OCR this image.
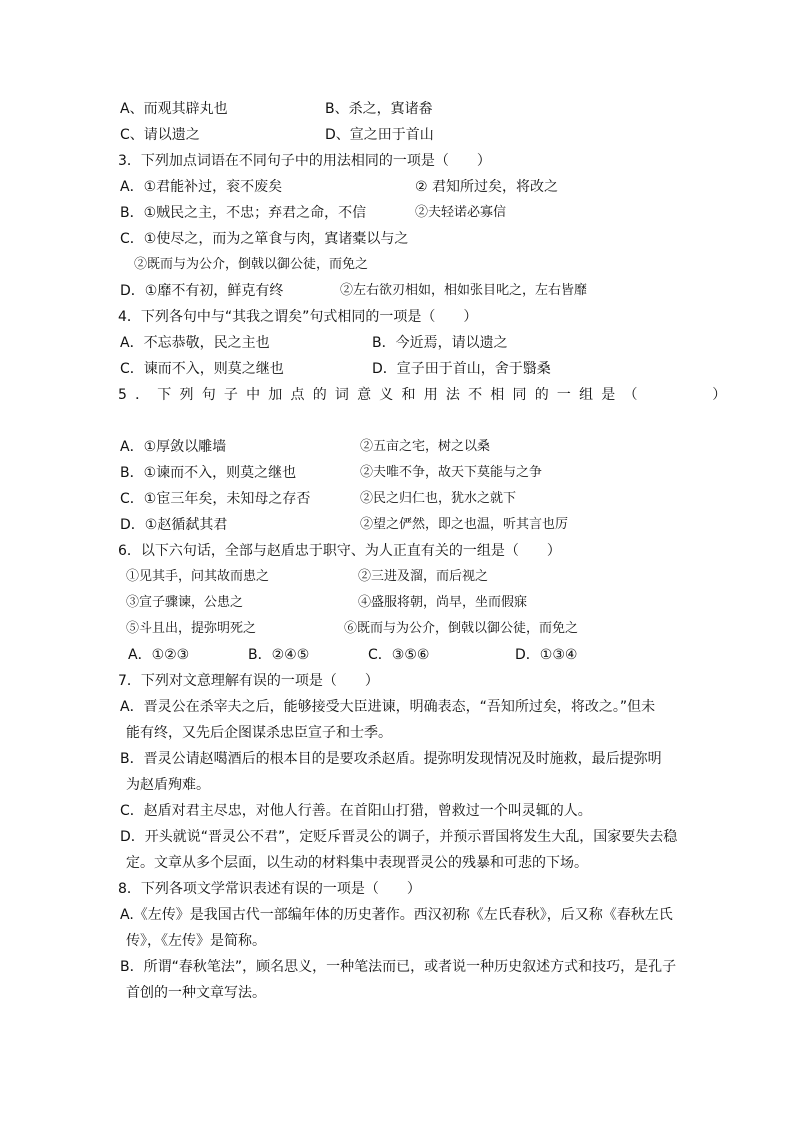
A、而观其辟丸也	B、杀之，寘诸畚
C、请以遗之	D、宣之田于首山
3．下列加点词语在不同句子中的用法相同的一项是（　　）
A．①君能补过，衮不废矣	② 君知所过矣，将改之
B．①贼民之主，不忠；弃君之命，不信	②夫轻诺必寡信
C．①使尽之，而为之箪食与肉，寘诸橐以与之
②既而与为公介，倒戟以御公徒，而免之
D．①靡不有初，鲜克有终	②左右欲刃相如，相如张目叱之，左右皆靡
4．下列各句中与“其我之谓矣”句式相同的一项是（　　）
A．不忘恭敬，民之主也	B．今近焉，请以遗之
C．谏而不入，则莫之继也	D．宣子田于首山，舍于翳桑
5．下列句子中加点的词意义和用法不相同的一组是（　　　）
A．①厚敛以雕墙	②五亩之宅，树之以桑
B．①谏而不入，则莫之继也	②夫唯不争，故天下莫能与之争
C．①宦三年矣，未知母之存否	②民之归仁也，犹水之就下
D．①赵循弑其君	②望之俨然，即之也温，听其言也厉
6．以下六句话，全部与赵盾忠于职守、为人正直有关的一组是（　　）
①见其手，问其故而患之	②三进及溜，而后视之
③宣子骤谏，公患之	④盛服将朝，尚早，坐而假寐
⑤斗且出，提弥明死之	⑥既而与为公介，倒戟以御公徒，而免之
A．①②③	B．②④⑤	C．③⑤⑥	D．①③④
7．下列对文意理解有误的一项是（　　）
A．晋灵公在杀宰夫之后，能够接受大臣进谏，明确表态，“吾知所过矣，将改之。”但未
能有终，又先后企图谋杀忠臣宣子和士季。
B．晋灵公请赵噶酒后的根本目的是要攻杀赵盾。提弥明发现情况及时施救，最后提弥明
为赵盾殉难。
C．赵盾对君主尽忠，对他人行善。在首阳山打猎，曾救过一个叫灵辄的人。
D．开头就说“晋灵公不君”，定贬斥晋灵公的调子，并预示晋国将发生大乱，国家要失去稳
定。文章从多个层面，以生动的材料集中表现晋灵公的残暴和可悲的下场。
8．下列各项文学常识表述有误的一项是（　　）
A.《左传》是我国古代一部编年体的历史著作。西汉初称《左氏春秋》，后又称《春秋左氏
传》，《左传》是简称。
B．所谓“春秋笔法”，顾名思义，一种笔法而已，或者说一种历史叙述方式和技巧，是孔子
首创的一种文章写法。
